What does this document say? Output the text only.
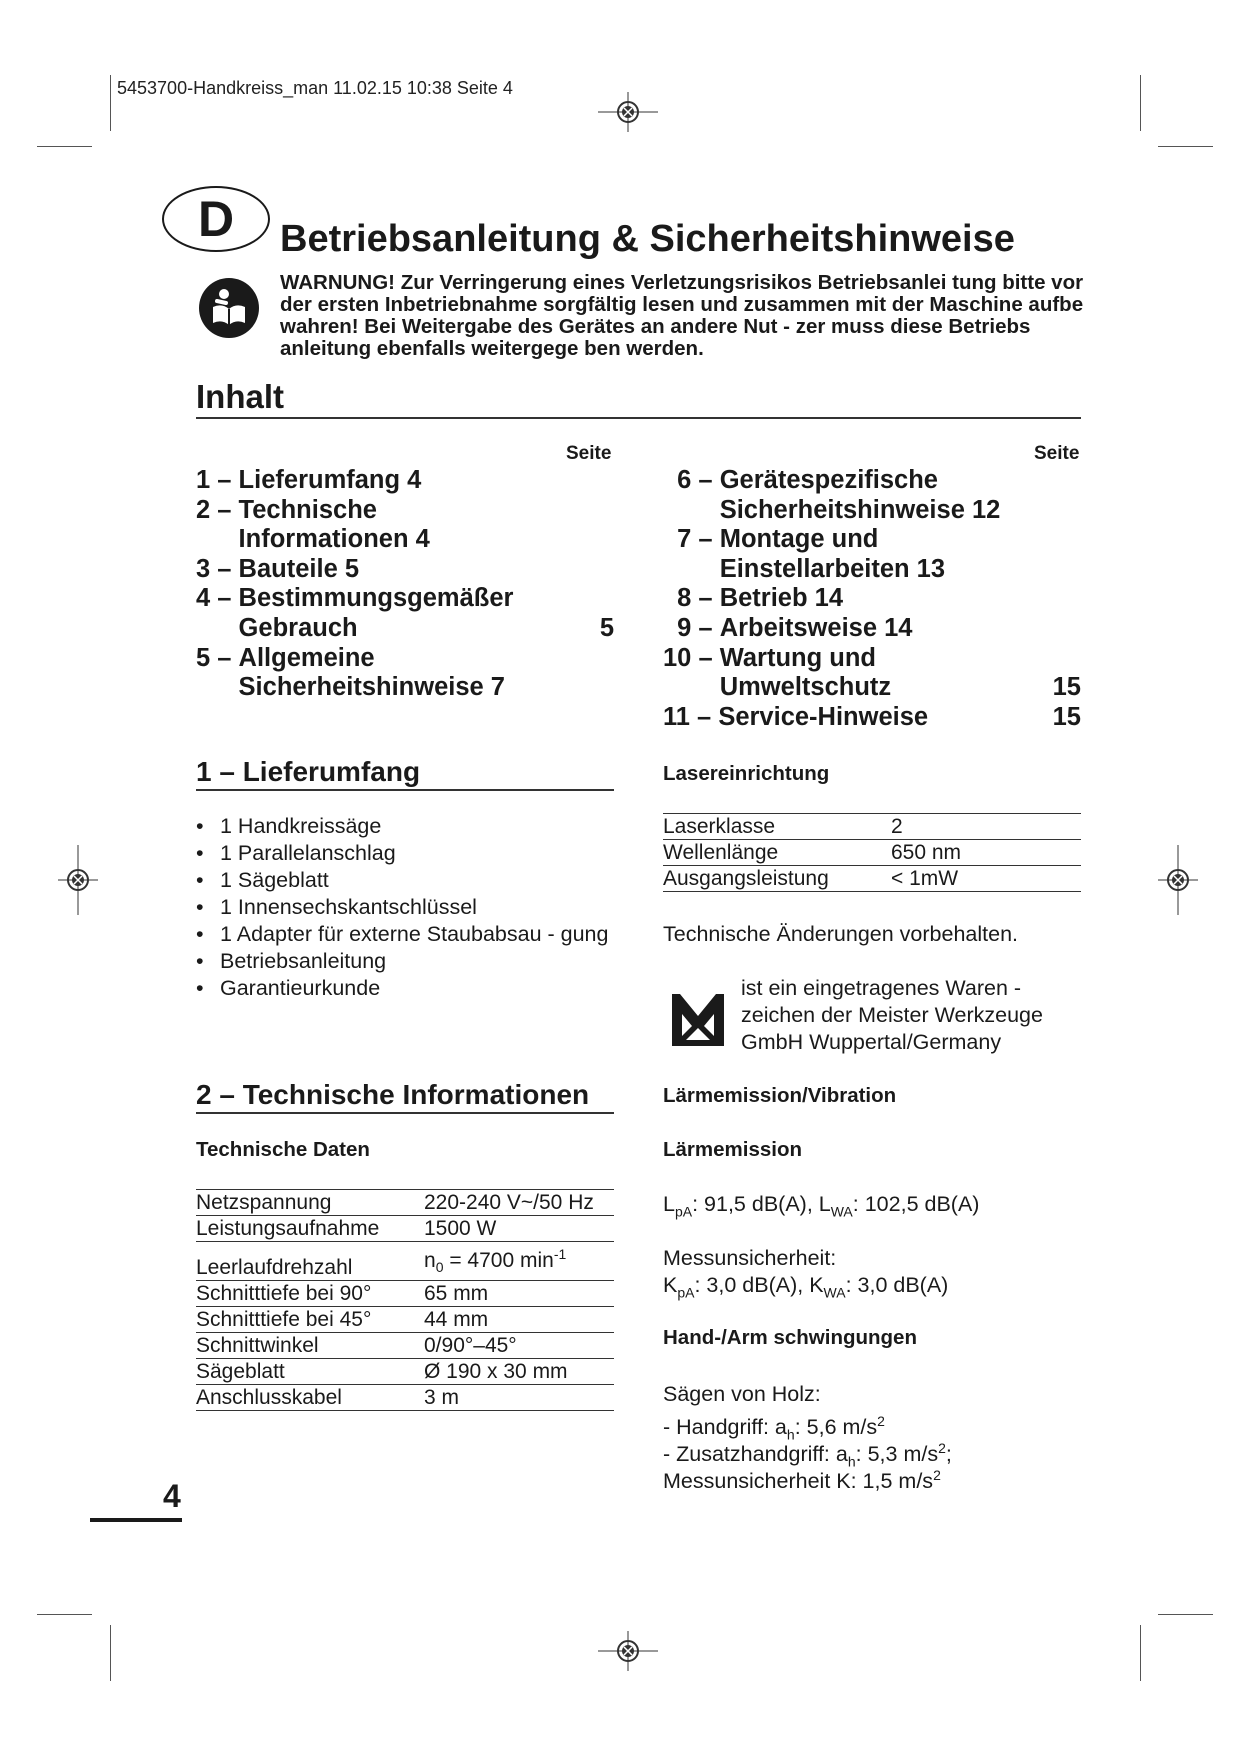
5453700-Handkreiss_man 11.02.15 10:38 Seite 4
D	Betriebsanleitung & Sicherheitshinweise

WARNUNG! Zur Verringerung eines Verletzungsrisikos Betriebsanlei tung bitte vor der ersten Inbetriebnahme sorgfältig lesen und zusammen mit der Maschine aufbe wahren! Bei Weitergabe des Gerätes an andere Nut - zer muss diese Betriebs anleitung ebenfalls weitergege ben werden.

Inhalt
Seite	Seite
1 – Lieferumfang 4
2 – Technische
Informationen 4
3 – Bauteile 5
4 – Bestimmungsgemäßer
Gebrauch	5
5 – Allgemeine
Sicherheitshinweise 7
6 – Gerätespezifische
Sicherheitshinweise 12
7 – Montage und
Einstellarbeiten 13
8 – Betrieb 14
9 – Arbeitsweise 14
10 – Wartung und
Umweltschutz	15
11 – Service-Hinweise	15
1 – Lieferumfang
• 1 Handkreissäge
• 1 Parallelanschlag
• 1 Sägeblatt
• 1 Innensechskantschlüssel
• 1 Adapter für externe Staubabsau - gung
• Betriebsanleitung
• Garantieurkunde
2 – Technische Informationen
Technische Daten
Netzspannung	220-240 V~/50 Hz
Leistungsaufnahme	1500 W
Leerlaufdrehzahl	$n_0 = 4700$ $\min^{-1}$
Schnitttiefe bei 90°	65 mm
Schnitttiefe bei 45°	44 mm
Schnittwinkel	0/90°–45°
Sägeblatt	Ø 190 x 30 mm
Anschlusskabel	3 m
Lasereinrichtung
Laserklasse	2
Wellenlänge	650 nm
Ausgangsleistung	< 1mW

Technische Änderungen vorbehalten.

ist ein eingetragenes Waren - zeichen der Meister Werkzeuge GmbH Wuppertal/Germany

Lärmemission/Vibration
Lärmemission

$L_{pA}$: 91,5 dB(A), $L_{WA}$: 102,5 dB(A)

Messunsicherheit:

$K_{pA}$: 3,0 dB(A), $K_{WA}$: 3,0 dB(A)

Hand-/Arm schwingungen

Sägen von Holz:

- Handgriff: $a_h$: 5,6 $m/s^2$

- Zusatzhandgriff: $a_h$: 5,3 $m/s^2$;

Messunsicherheit K: 1,5 $m/s^2$

4
